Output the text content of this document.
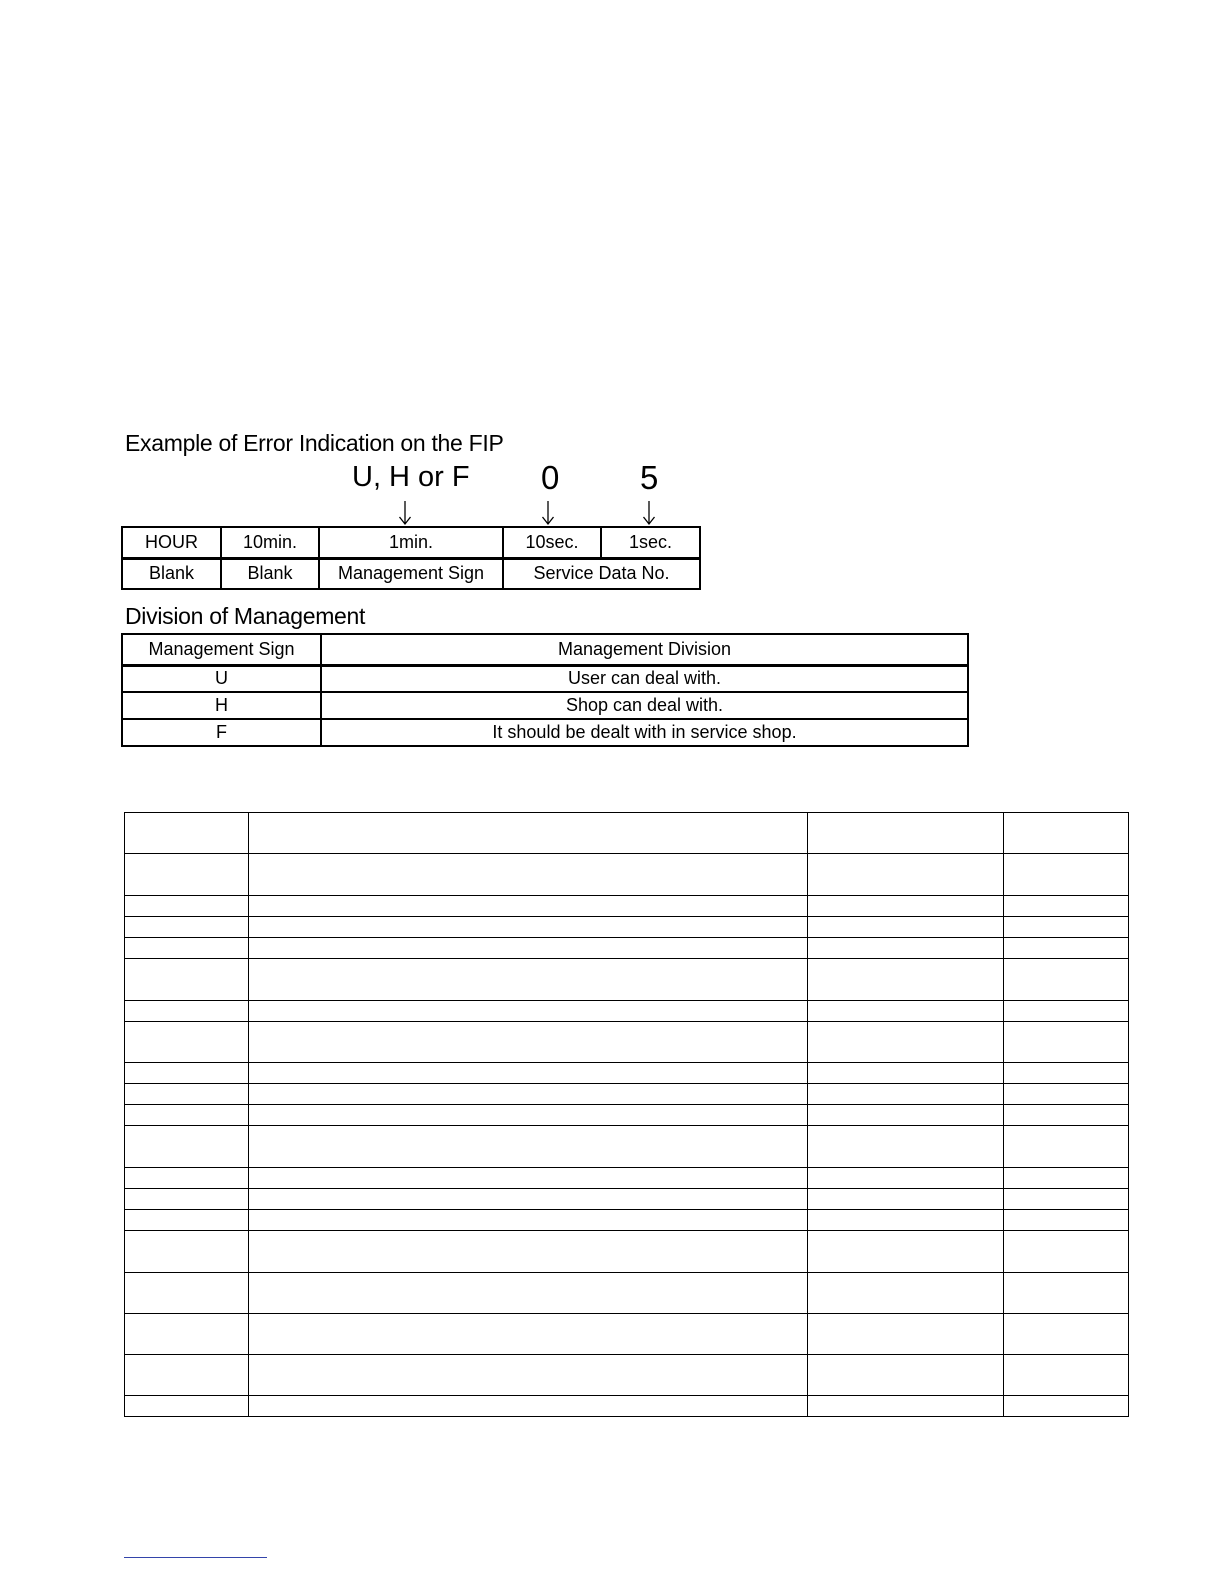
Example of Error Indication on the FIP
U, H or F 0 5
HOUR	10min.	1min.	10sec.	1sec.
Blank	Blank	Management Sign	Service Data No.	
Division of Management
Management Sign	Management Division
U	User can deal with.
H	Shop can deal with.
F	It should be dealt with in service shop.
